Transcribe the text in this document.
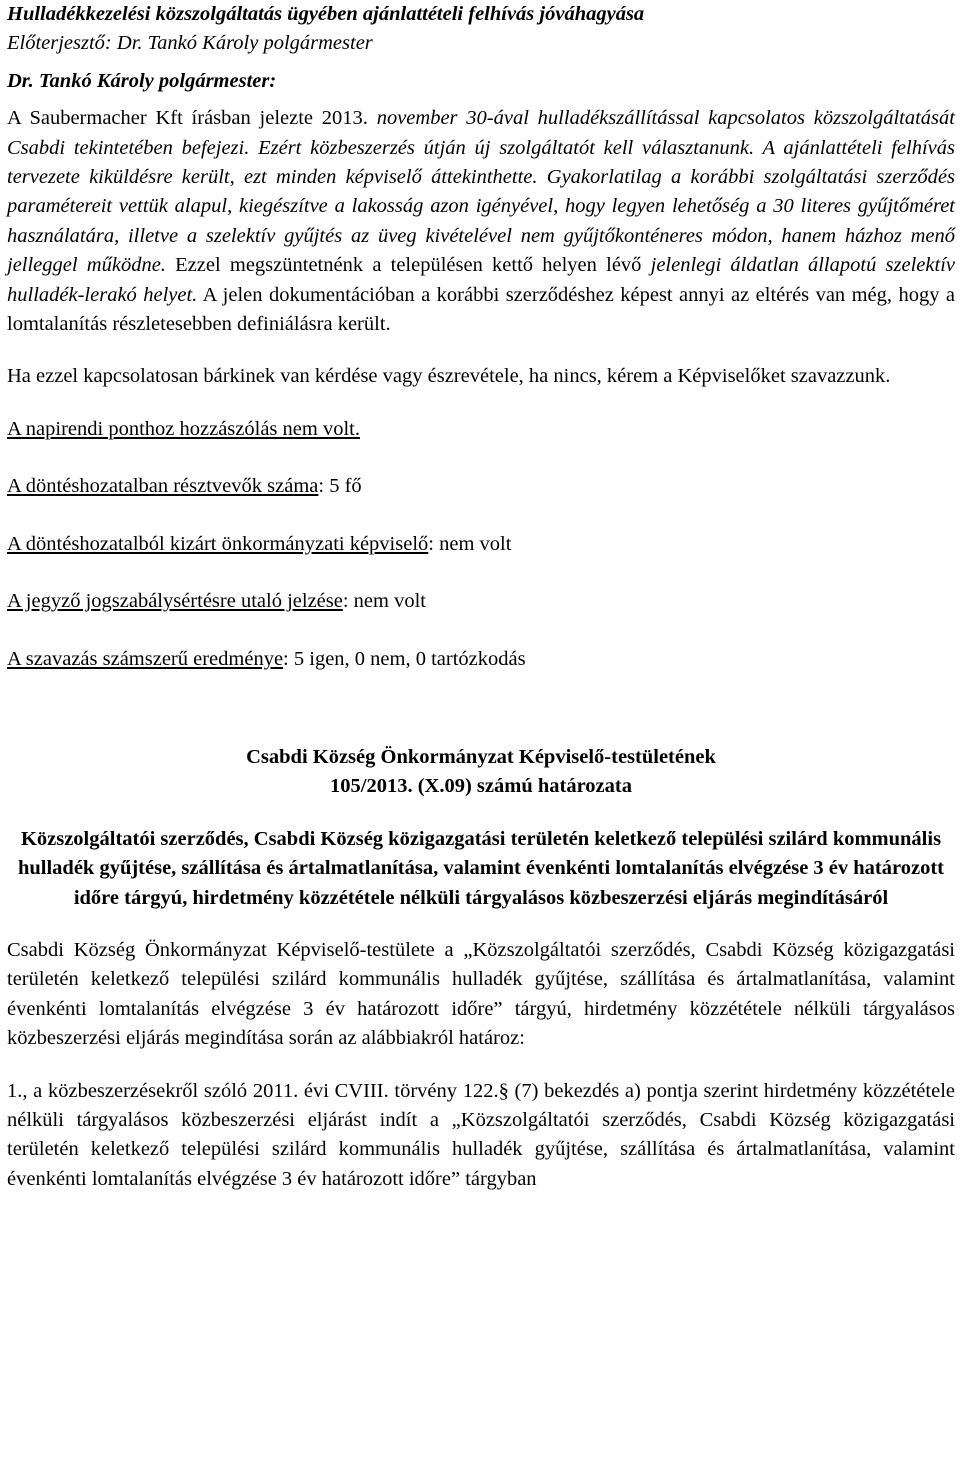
Hulladékkezelési közszolgáltatás ügyében ajánlattételi felhívás jóváhagyása

Előterjesztő: Dr. Tankó Károly polgármester

Dr. Tankó Károly polgármester:

A Saubermacher Kft írásban jelezte 2013. november 30-ával hulladékszállítással kapcsolatos közszolgáltatását Csabdi tekintetében befejezi. Ezért közbeszerzés útján új szolgáltatót kell választanunk. A ajánlattételi felhívás tervezete kiküldésre került, ezt minden képviselő áttekinthette. Gyakorlatilag a korábbi szolgáltatási szerződés paramétereit vettük alapul, kiegészítve a lakosság azon igényével, hogy legyen lehetőség a 30 literes gyűjtőméret használatára, illetve a szelektív gyűjtés az üveg kivételével nem gyűjtőkonténeres módon, hanem házhoz menő jelleggel működne. Ezzel megszüntetnénk a településen kettő helyen lévő jelenlegi áldatlan állapotú szelektív hulladék-lerakó helyet. A jelen dokumentációban a korábbi szerződéshez képest annyi az eltérés van még, hogy a lomtalanítás részletesebben definiálásra került.

Ha ezzel kapcsolatosan bárkinek van kérdése vagy észrevétele, ha nincs, kérem a Képviselőket szavazzunk.

A napirendi ponthoz hozzászólás nem volt.

A döntéshozatalban résztvevők száma: 5 fő

A döntéshozatalból kizárt önkormányzati képviselő: nem volt

A jegyző jogszabálysértésre utaló jelzése: nem volt

A szavazás számszerű eredménye: 5 igen, 0 nem, 0 tartózkodás

Csabdi Község Önkormányzat Képviselő-testületének
105/2013. (X.09) számú határozata

Közszolgáltatói szerződés, Csabdi Község közigazgatási területén keletkező települési szilárd kommunális hulladék gyűjtése, szállítása és ártalmatlanítása, valamint évenkénti lomtalanítás elvégzése 3 év határozott időre tárgyú, hirdetmény közzététele nélküli tárgyalásos közbeszerzési eljárás megindításáról

Csabdi Község Önkormányzat Képviselő-testülete a „Közszolgáltatói szerződés, Csabdi Község közigazgatási területén keletkező települési szilárd kommunális hulladék gyűjtése, szállítása és ártalmatlanítása, valamint évenkénti lomtalanítás elvégzése 3 év határozott időre” tárgyú, hirdetmény közzététele nélküli tárgyalásos közbeszerzési eljárás megindítása során az alábbiakról határoz:

1., a közbeszerzésekről szóló 2011. évi CVIII. törvény 122.§ (7) bekezdés a) pontja szerint hirdetmény közzététele nélküli tárgyalásos közbeszerzési eljárást indít a „Közszolgáltatói szerződés, Csabdi Község közigazgatási területén keletkező települési szilárd kommunális hulladék gyűjtése, szállítása és ártalmatlanítása, valamint évenkénti lomtalanítás elvégzése 3 év határozott időre” tárgyban
